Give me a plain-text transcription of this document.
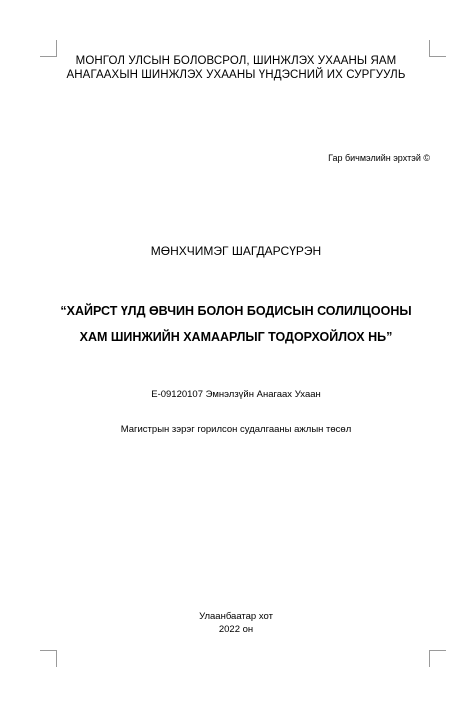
МОНГОЛ УЛСЫН БОЛОВСРОЛ, ШИНЖЛЭХ УХААНЫ ЯАМ
АНАГААХЫН ШИНЖЛЭХ УХААНЫ ҮНДЭСНИЙ ИХ СУРГУУЛЬ
Гар бичмэлийн эрхтэй ©
МӨНХЧИМЭГ ШАГДАРСҮРЭН
“ХАЙРСТ ҮЛД ӨВЧИН БОЛОН БОДИСЫН СОЛИЛЦООНЫ
ХАМ ШИНЖИЙН ХАМААРЛЫГ ТОДОРХОЙЛОХ НЬ”
Е-09120107 Эмнэлзүйн Анагаах Ухаан
Магистрын зэрэг горилсон судалгааны ажлын төсөл
Улаанбаатар хот
2022 он
